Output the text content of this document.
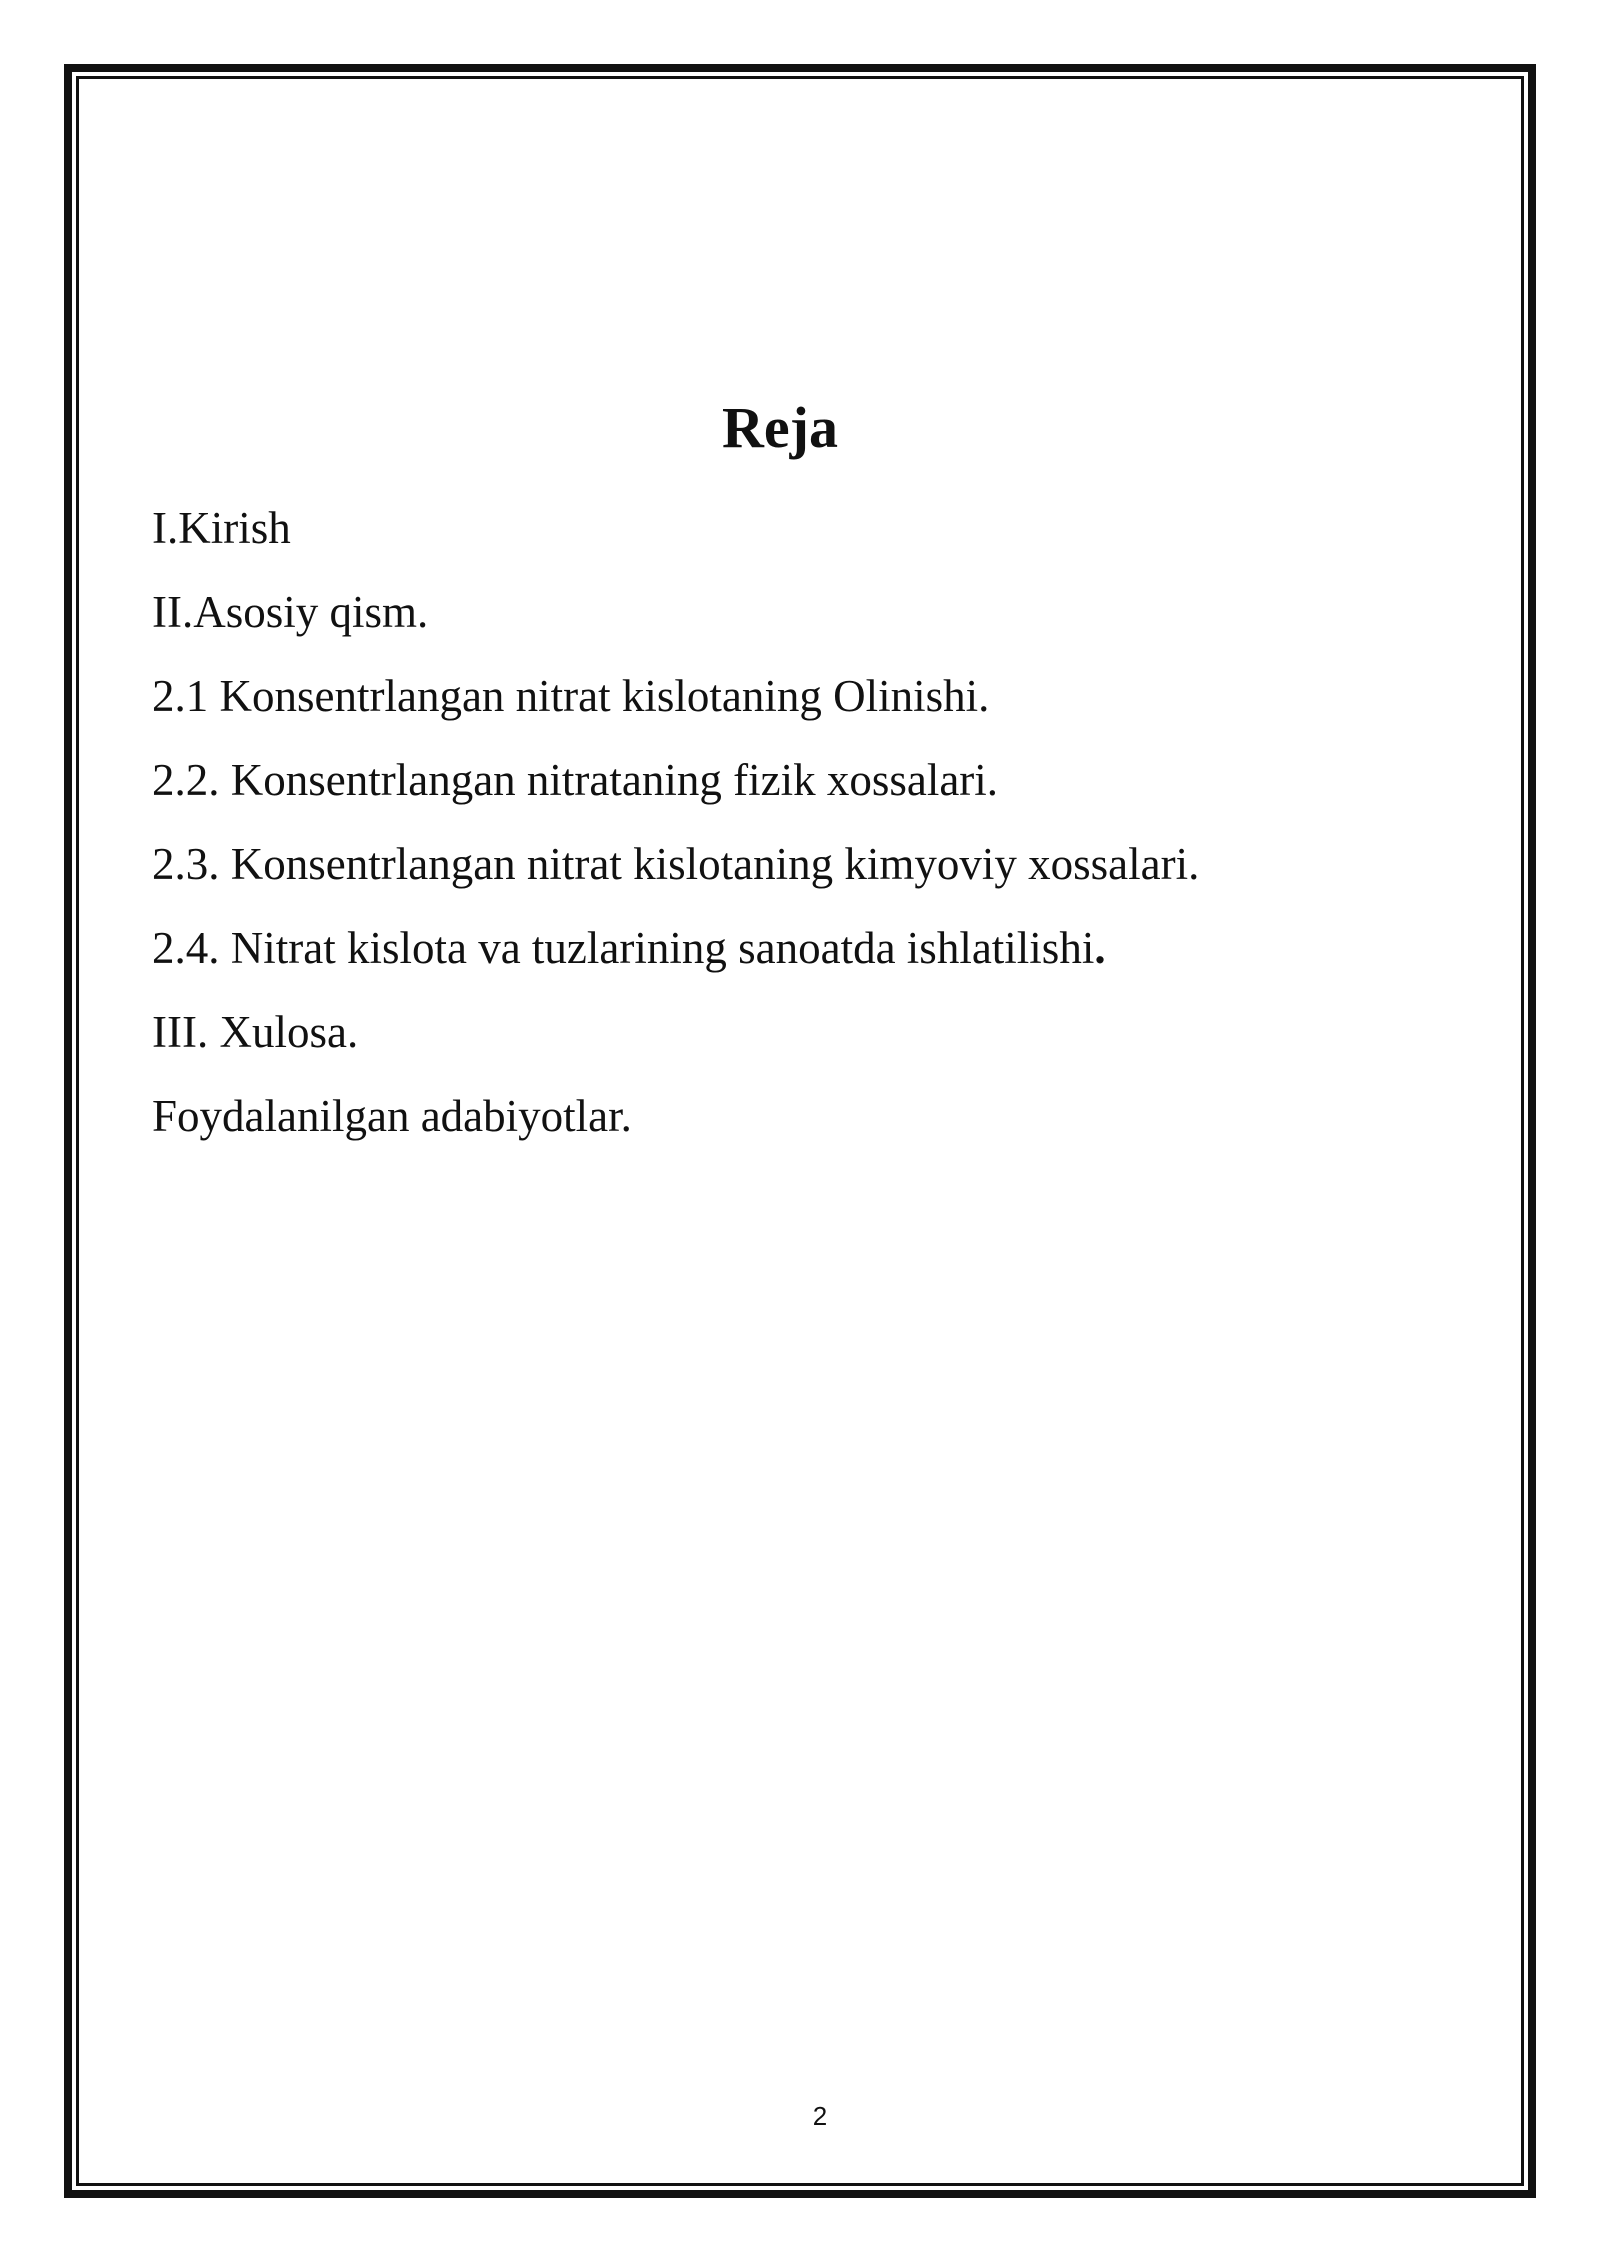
Reja
I.Kirish
II.Asosiy qism.
2.1 Konsentrlangan nitrat kislotaning Olinishi.
2.2. Konsentrlangan nitrataning fizik xossalari.
2.3. Konsentrlangan nitrat kislotaning kimyoviy xossalari.
2.4. Nitrat kislota va tuzlarining sanoatda ishlatilishi.
III. Xulosa.
Foydalanilgan adabiyotlar.
2
